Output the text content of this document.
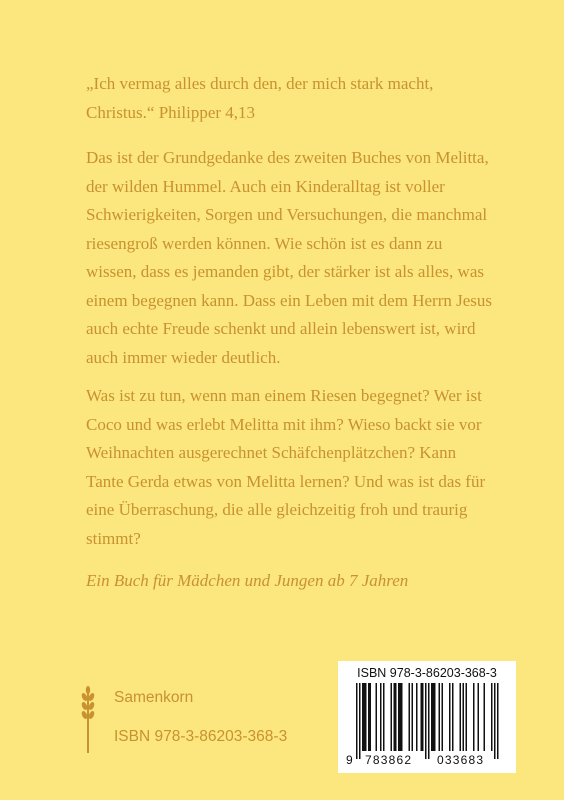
„Ich vermag alles durch den, der mich stark macht, Christus.“ Philipper 4,13

Das ist der Grundgedanke des zweiten Buches von Melitta, der wilden Hummel. Auch ein Kinderalltag ist voller Schwierigkeiten, Sorgen und Versuchungen, die manchmal riesengroß werden können. Wie schön ist es dann zu wissen, dass es jemanden gibt, der stärker ist als alles, was einem begegnen kann. Dass ein Leben mit dem Herrn Jesus auch echte Freude schenkt und allein lebenswert ist, wird auch immer wieder deutlich.

Was ist zu tun, wenn man einem Riesen begegnet? Wer ist Coco und was erlebt Melitta mit ihm? Wieso backt sie vor Weihnachten ausgerechnet Schäfchenplätzchen? Kann Tante Gerda etwas von Melitta lernen? Und was ist das für eine Überraschung, die alle gleichzeitig froh und traurig stimmt?

Ein Buch für Mädchen und Jungen ab 7 Jahren

Samenkorn
ISBN 978-3-86203-368-3
ISBN 978-3-86203-368-3
9 783862 033683
